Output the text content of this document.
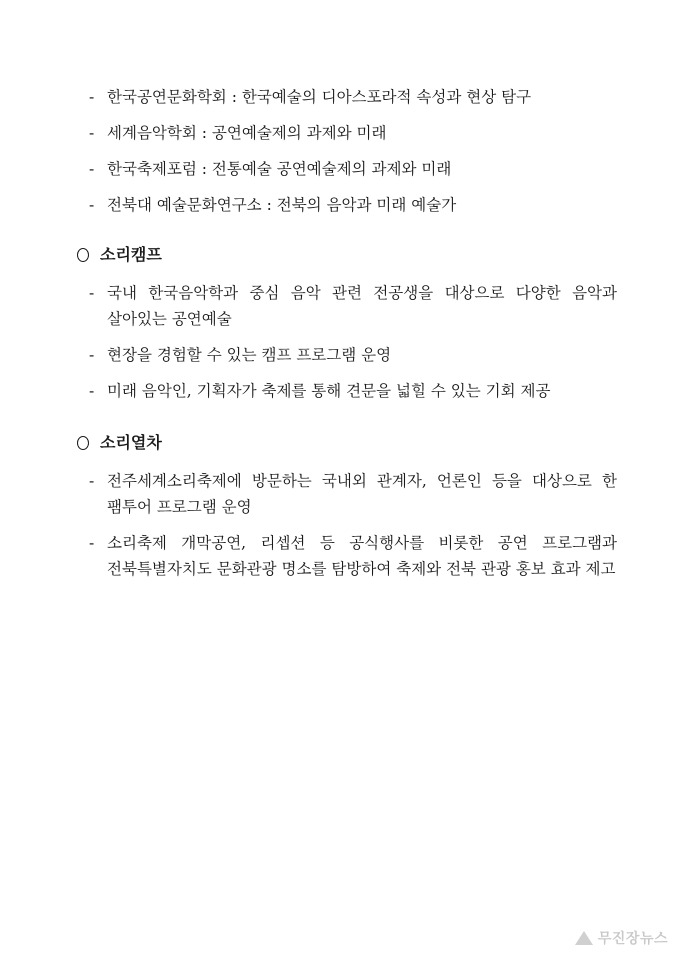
- 한국공연문화학회 : 한국예술의 디아스포라적 속성과 현상 탐구
- 세계음악학회 : 공연예술제의 과제와 미래
- 한국축제포럼 : 전통예술 공연예술제의 과제와 미래
- 전북대 예술문화연구소 : 전북의 음악과 미래 예술가
소리캠프
- 국내 한국음악학과 중심 음악 관련 전공생을 대상으로 다양한 음악과 살아있는 공연예술
- 현장을 경험할 수 있는 캠프 프로그램 운영
- 미래 음악인, 기획자가 축제를 통해 견문을 넓힐 수 있는 기회 제공
소리열차
- 전주세계소리축제에 방문하는 국내외 관계자, 언론인 등을 대상으로 한 팸투어 프로그램 운영
- 소리축제 개막공연, 리셉션 등 공식행사를 비롯한 공연 프로그램과 전북특별자치도 문화관광 명소를 탐방하여 축제와 전북 관광 홍보 효과 제고
무진장뉴스
